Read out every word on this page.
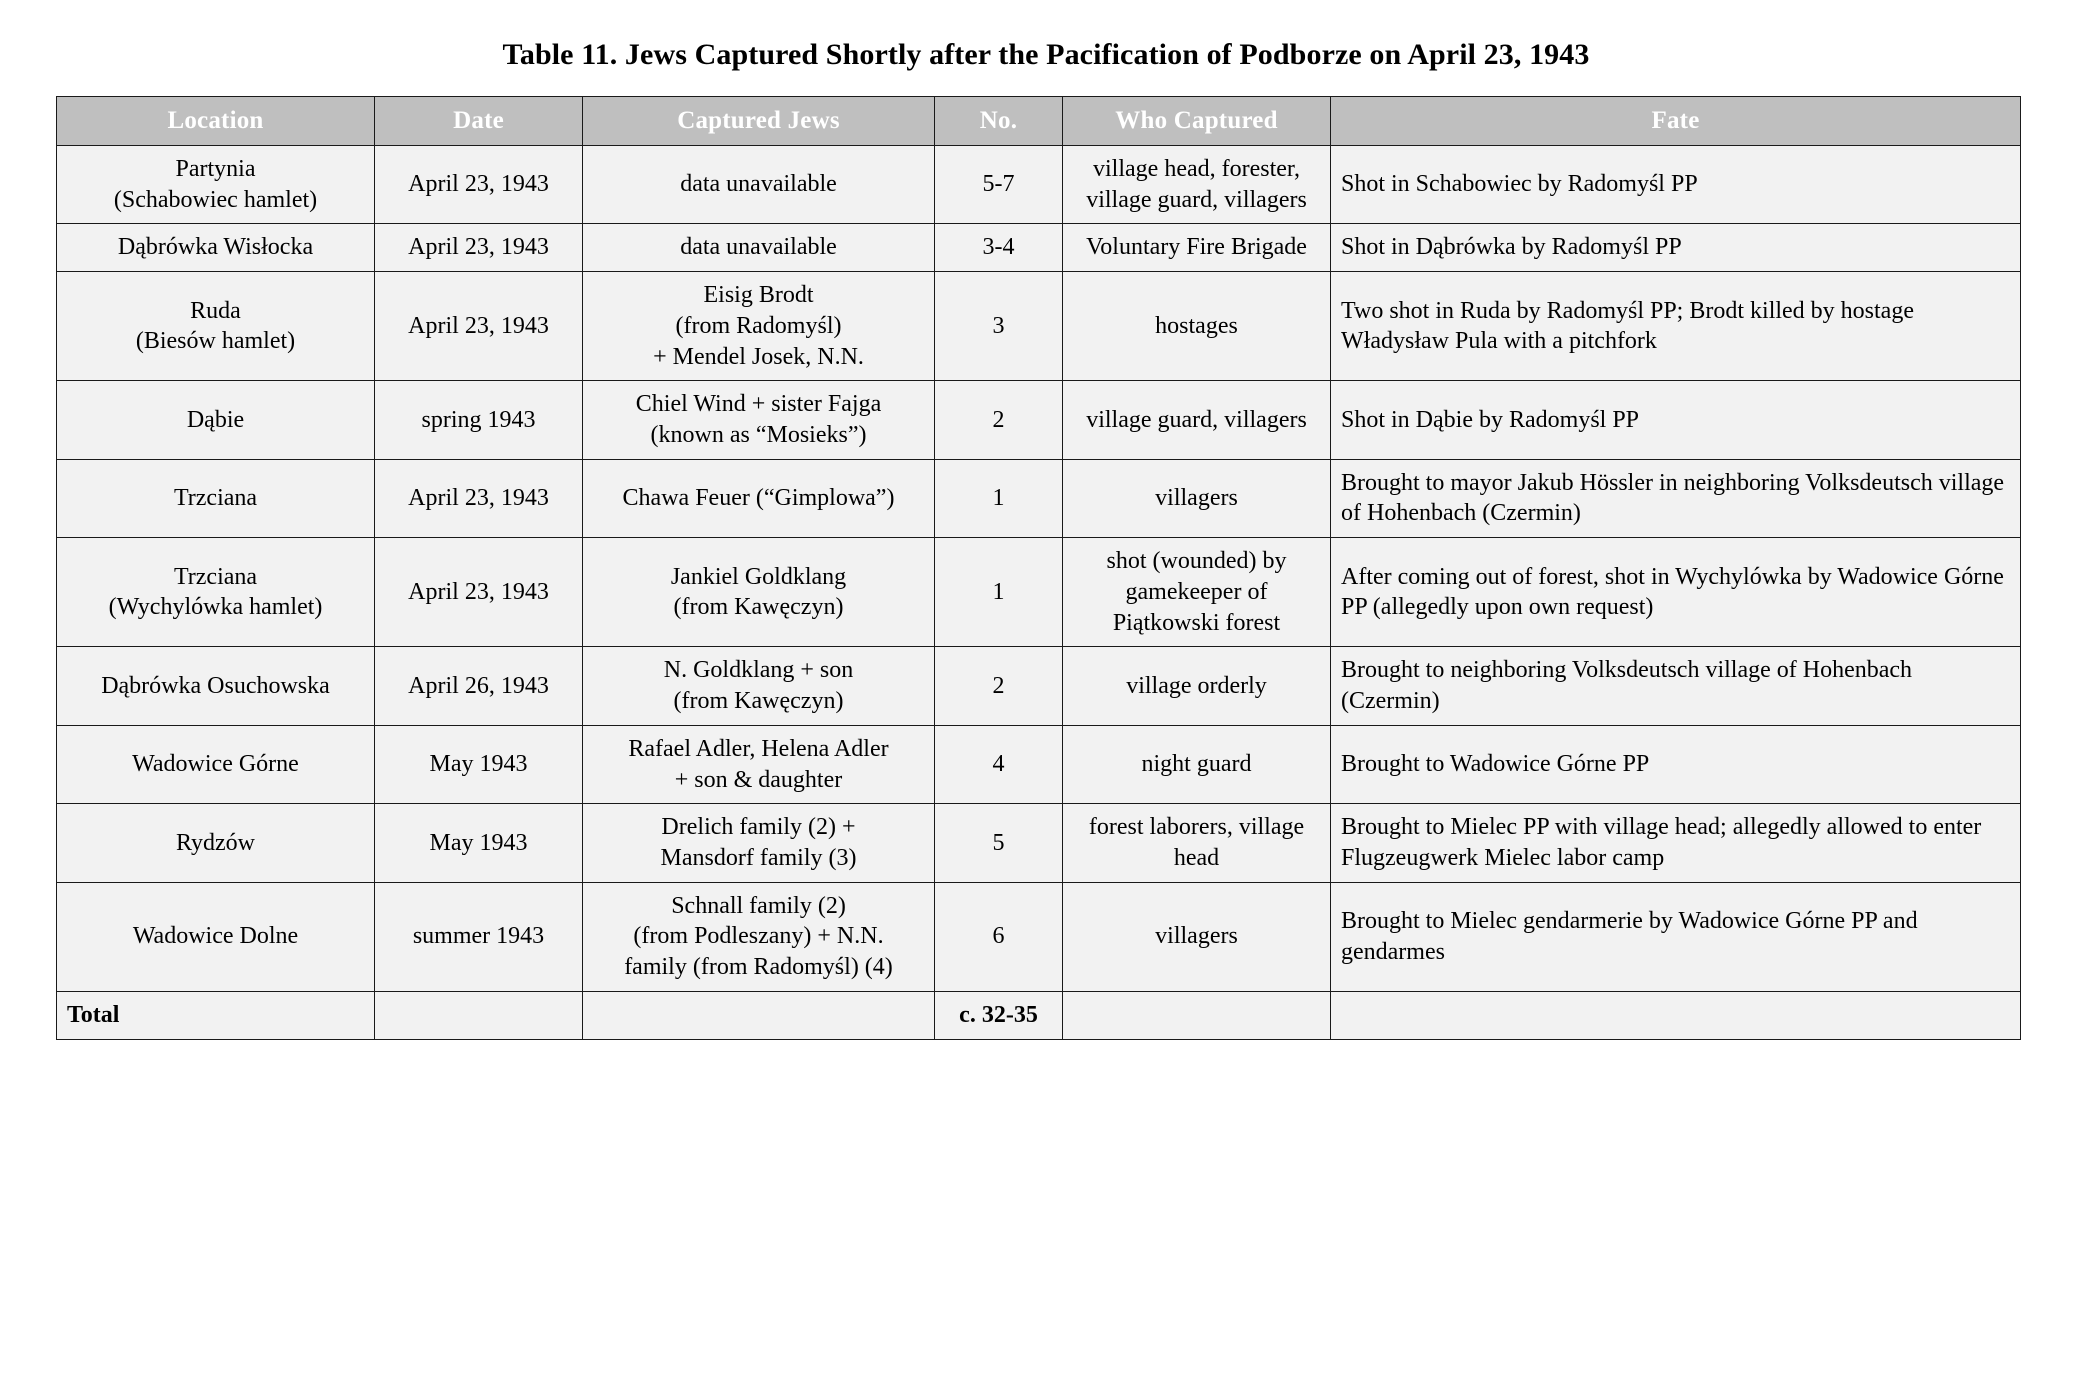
Table 11. Jews Captured Shortly after the Pacification of Podborze on April 23, 1943
Location	Date	Captured Jews	No.	Who Captured	Fate
Partynia
(Schabowiec hamlet)	April 23, 1943	data unavailable	5-7	village head, forester, village guard, villagers	Shot in Schabowiec by Radomyśl PP
Dąbrówka Wisłocka	April 23, 1943	data unavailable	3-4	Voluntary Fire Brigade	Shot in Dąbrówka by Radomyśl PP
Ruda
(Biesów hamlet)	April 23, 1943	Eisig Brodt
(from Radomyśl)
+ Mendel Josek, N.N.	3	hostages	Two shot in Ruda by Radomyśl PP; Brodt killed by hostage Władysław Pula with a pitchfork
Dąbie	spring 1943	Chiel Wind + sister Fajga
(known as “Mosieks”)	2	village guard, villagers	Shot in Dąbie by Radomyśl PP
Trzciana	April 23, 1943	Chawa Feuer (“Gimplowa”)	1	villagers	Brought to mayor Jakub Hössler in neighboring Volksdeutsch village of Hohenbach (Czermin)
Trzciana
(Wychylówka hamlet)	April 23, 1943	Jankiel Goldklang
(from Kawęczyn)	1	shot (wounded) by gamekeeper of Piątkowski forest	After coming out of forest, shot in Wychylówka by Wadowice Górne PP (allegedly upon own request)
Dąbrówka Osuchowska	April 26, 1943	N. Goldklang + son
(from Kawęczyn)	2	village orderly	Brought to neighboring Volksdeutsch village of Hohenbach (Czermin)
Wadowice Górne	May 1943	Rafael Adler, Helena Adler
+ son & daughter	4	night guard	Brought to Wadowice Górne PP
Rydzów	May 1943	Drelich family (2) +
Mansdorf family (3)	5	forest laborers, village head	Brought to Mielec PP with village head; allegedly allowed to enter Flugzeugwerk Mielec labor camp
Wadowice Dolne	summer 1943	Schnall family (2)
(from Podleszany) + N.N.
family (from Radomyśl) (4)	6	villagers	Brought to Mielec gendarmerie by Wadowice Górne PP and gendarmes
Total			c. 32-35		
